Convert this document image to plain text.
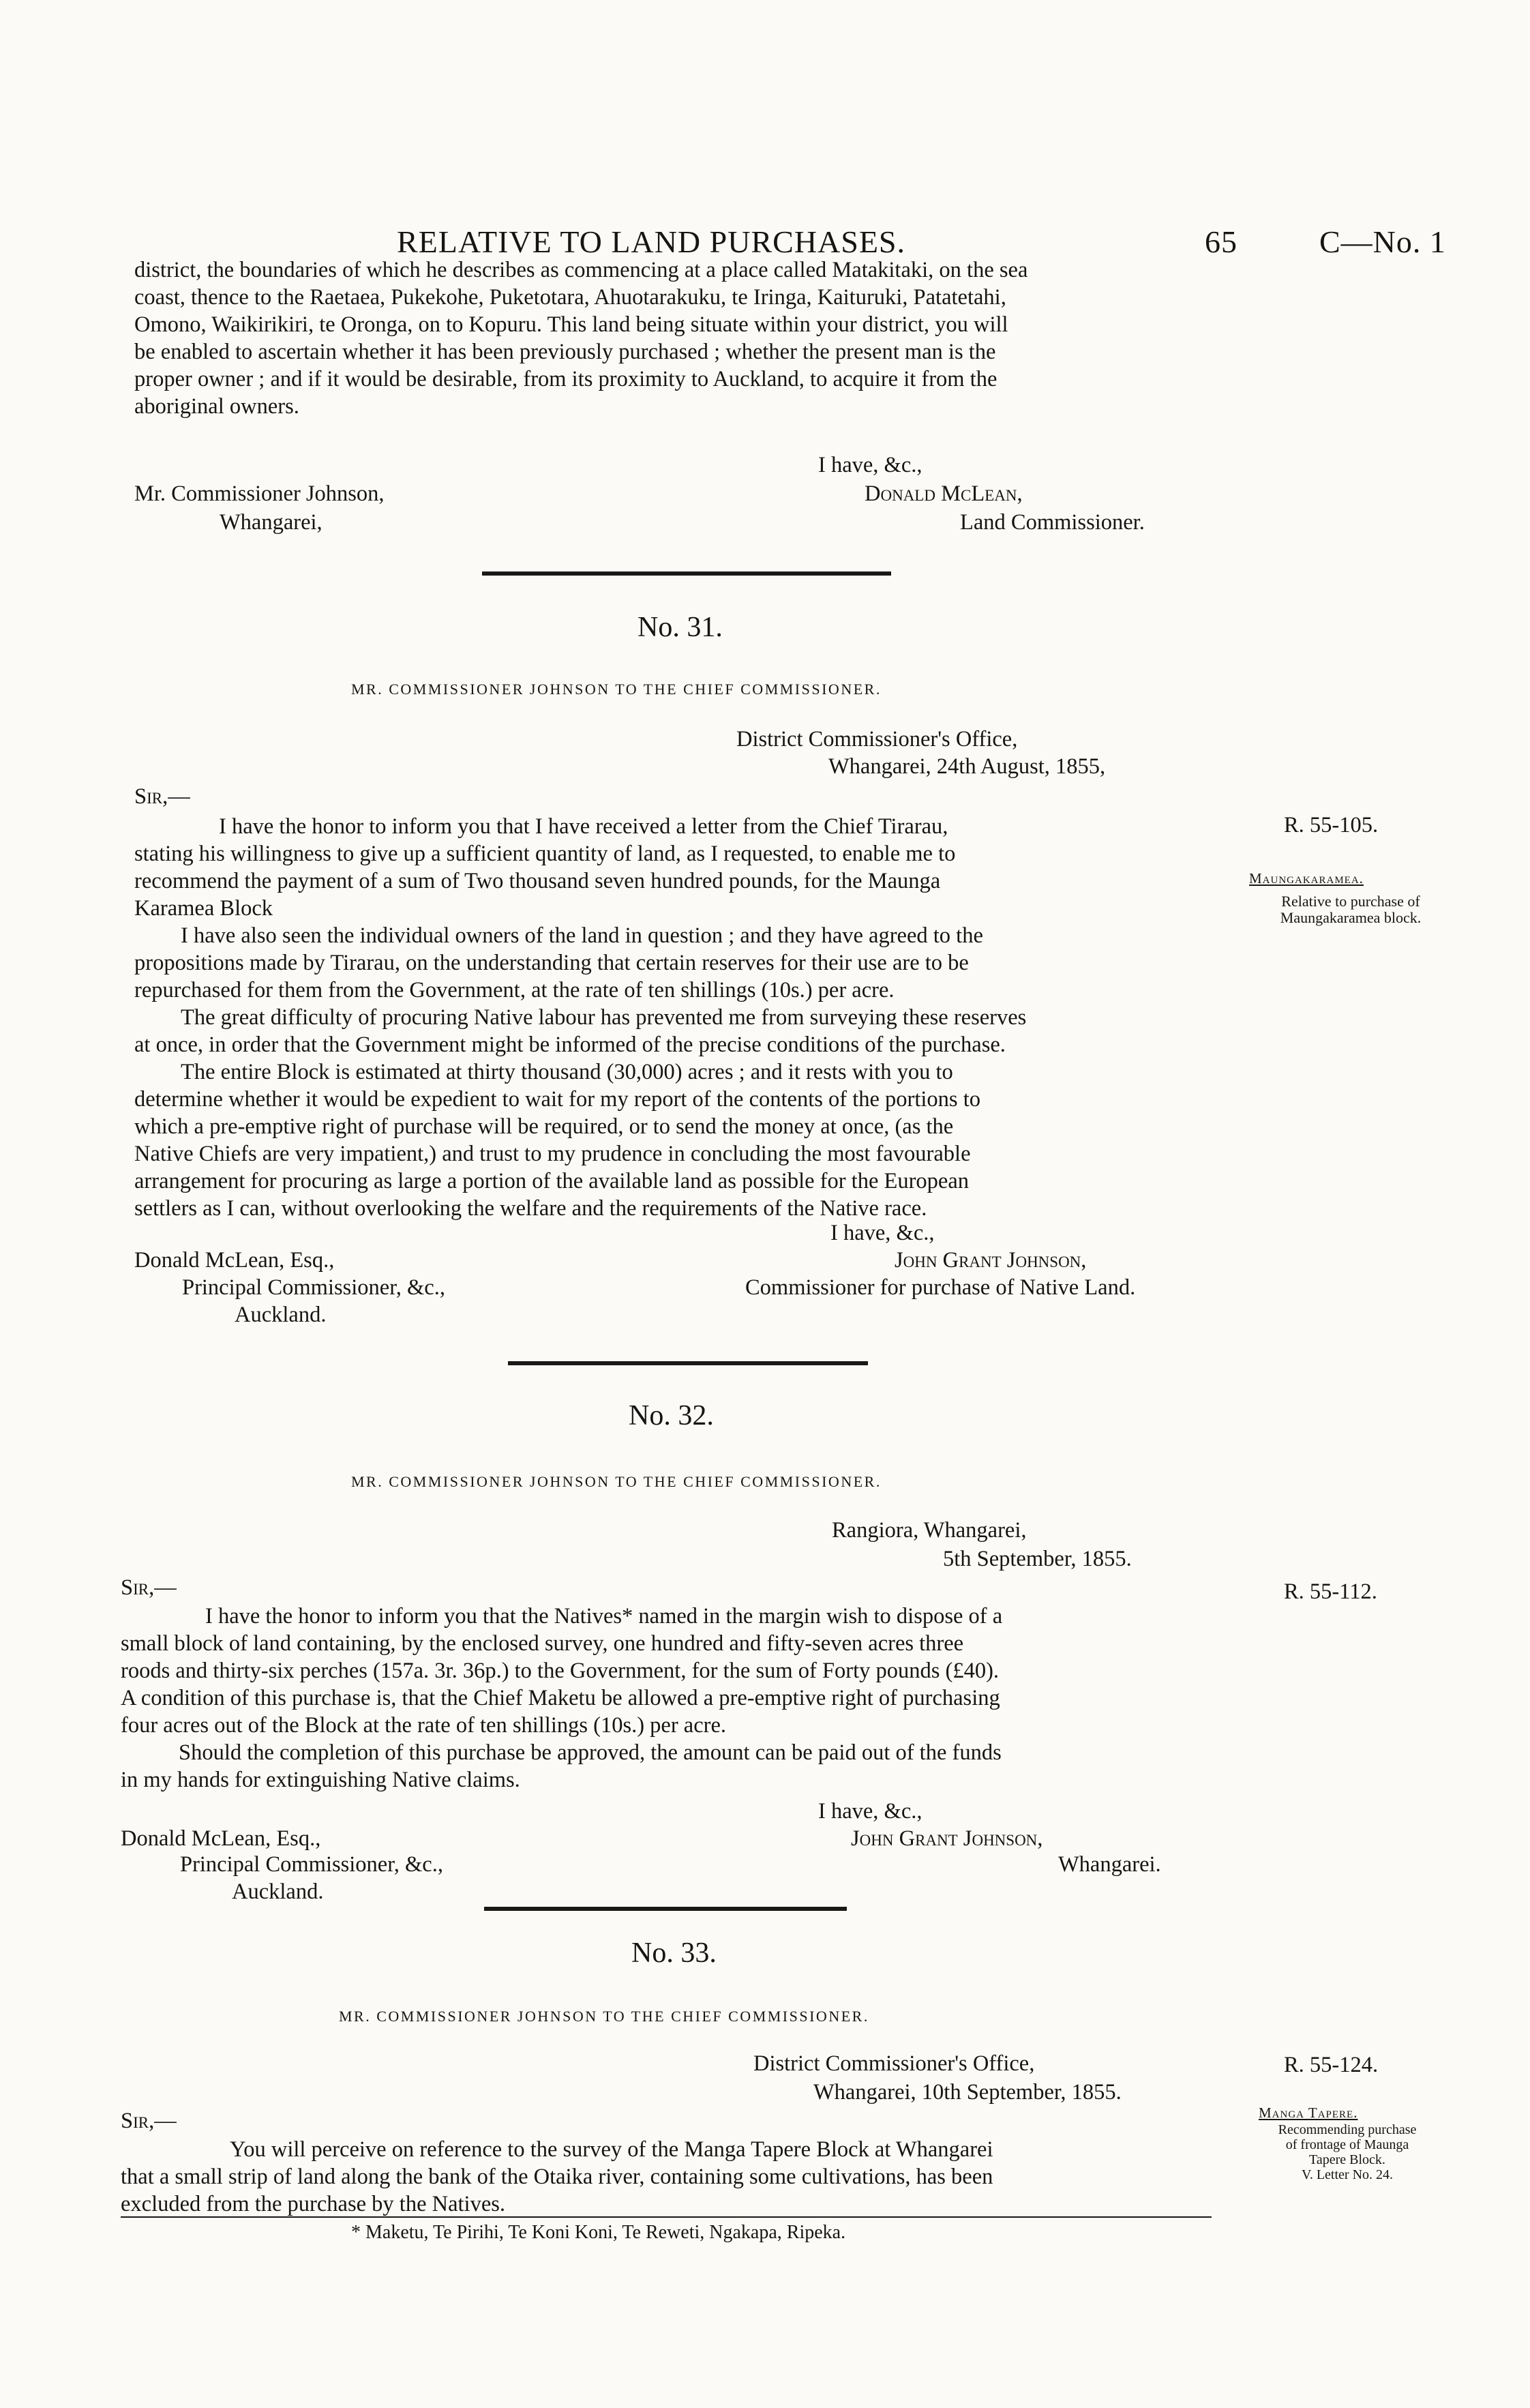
RELATIVE TO LAND PURCHASES.	65	C—No. 1
district, the boundaries of which he describes as commencing at a place called Matakitaki, on the sea
coast, thence to the Raetaea, Pukekohe, Puketotara, Ahuotarakuku, te Iringa, Kaituruki, Patatetahi,
Omono, Waikirikiri, te Oronga, on to Kopuru. This land being situate within your district, you will
be enabled to ascertain whether it has been previously purchased ; whether the present man is the
proper owner ; and if it would be desirable, from its proximity to Auckland, to acquire it from the
aboriginal owners.
I have, &c.,
Donald McLean,
Land Commissioner.
Mr. Commissioner Johnson,
Whangarei,
No. 31.
MR. COMMISSIONER JOHNSON TO THE CHIEF COMMISSIONER.
District Commissioner's Office,
Whangarei, 24th August, 1855,
Sir,—
I have the honor to inform you that I have received a letter from the Chief Tirarau,
stating his willingness to give up a sufficient quantity of land, as I requested, to enable me to
recommend the payment of a sum of Two thousand seven hundred pounds, for the Maunga
Karamea Block
I have also seen the individual owners of the land in question ; and they have agreed to the
propositions made by Tirarau, on the understanding that certain reserves for their use are to be
repurchased for them from the Government, at the rate of ten shillings (10s.) per acre.
The great difficulty of procuring Native labour has prevented me from surveying these reserves
at once, in order that the Government might be informed of the precise conditions of the purchase.
The entire Block is estimated at thirty thousand (30,000) acres ; and it rests with you to
determine whether it would be expedient to wait for my report of the contents of the portions to
which a pre-emptive right of purchase will be required, or to send the money at once, (as the
Native Chiefs are very impatient,) and trust to my prudence in concluding the most favourable
arrangement for procuring as large a portion of the available land as possible for the European
settlers as I can, without overlooking the welfare and the requirements of the Native race.
R. 55-105.
Maungakaramea.
Relative to purchase of
Maungakaramea block.
I have, &c.,
Donald McLean, Esq.,
Principal Commissioner, &c.,
Auckland.
John Grant Johnson,
Commissioner for purchase of Native Land.
No. 32.
MR. COMMISSIONER JOHNSON TO THE CHIEF COMMISSIONER.
Rangiora, Whangarei,
5th September, 1855.
Sir,—	R. 55-112.
I have the honor to inform you that the Natives* named in the margin wish to dispose of a
small block of land containing, by the enclosed survey, one hundred and fifty-seven acres three
roods and thirty-six perches (157a. 3r. 36p.) to the Government, for the sum of Forty pounds (£40).
A condition of this purchase is, that the Chief Maketu be allowed a pre-emptive right of purchasing
four acres out of the Block at the rate of ten shillings (10s.) per acre.
Should the completion of this purchase be approved, the amount can be paid out of the funds
in my hands for extinguishing Native claims.
I have, &c.,
Donald McLean, Esq.,
Principal Commissioner, &c.,
Auckland.
John Grant Johnson,
Whangarei.
No. 33.
MR. COMMISSIONER JOHNSON TO THE CHIEF COMMISSIONER.
District Commissioner's Office,
Whangarei, 10th September, 1855.
Sir,—
R. 55-124.
Manga Tapere.
Recommending purchase
of frontage of Maunga
Tapere Block.
V. Letter No. 24.
You will perceive on reference to the survey of the Manga Tapere Block at Whangarei
that a small strip of land along the bank of the Otaika river, containing some cultivations, has been
excluded from the purchase by the Natives.
* Maketu, Te Pirihi, Te Koni Koni, Te Reweti, Ngakapa, Ripeka.
